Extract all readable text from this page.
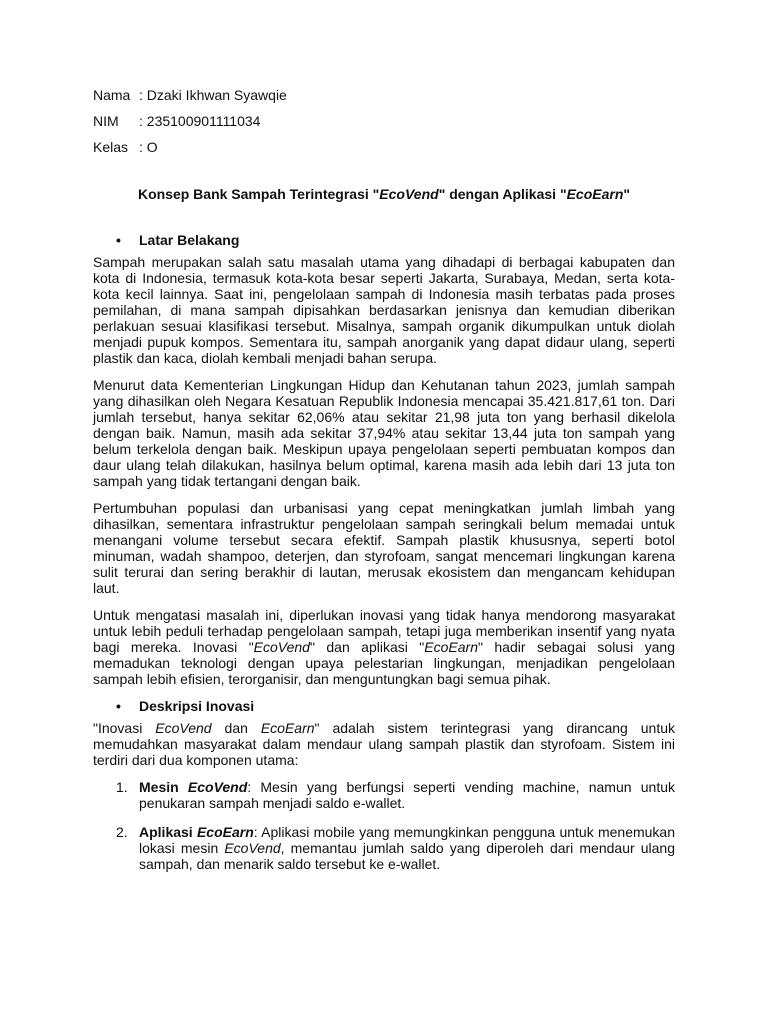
Nama : Dzaki Ikhwan Syawqie
NIM : 235100901111034
Kelas : O
Konsep Bank Sampah Terintegrasi "EcoVend" dengan Aplikasi "EcoEarn"
• Latar Belakang

Sampah merupakan salah satu masalah utama yang dihadapi di berbagai kabupaten dan kota di Indonesia, termasuk kota-kota besar seperti Jakarta, Surabaya, Medan, serta kota-kota kecil lainnya. Saat ini, pengelolaan sampah di Indonesia masih terbatas pada proses pemilahan, di mana sampah dipisahkan berdasarkan jenisnya dan kemudian diberikan perlakuan sesuai klasifikasi tersebut. Misalnya, sampah organik dikumpulkan untuk diolah menjadi pupuk kompos. Sementara itu, sampah anorganik yang dapat didaur ulang, seperti plastik dan kaca, diolah kembali menjadi bahan serupa.

Menurut data Kementerian Lingkungan Hidup dan Kehutanan tahun 2023, jumlah sampah yang dihasilkan oleh Negara Kesatuan Republik Indonesia mencapai 35.421.817,61 ton. Dari jumlah tersebut, hanya sekitar 62,06% atau sekitar 21,98 juta ton yang berhasil dikelola dengan baik. Namun, masih ada sekitar 37,94% atau sekitar 13,44 juta ton sampah yang belum terkelola dengan baik. Meskipun upaya pengelolaan seperti pembuatan kompos dan daur ulang telah dilakukan, hasilnya belum optimal, karena masih ada lebih dari 13 juta ton sampah yang tidak tertangani dengan baik.

Pertumbuhan populasi dan urbanisasi yang cepat meningkatkan jumlah limbah yang dihasilkan, sementara infrastruktur pengelolaan sampah seringkali belum memadai untuk menangani volume tersebut secara efektif. Sampah plastik khususnya, seperti botol minuman, wadah shampoo, deterjen, dan styrofoam, sangat mencemari lingkungan karena sulit terurai dan sering berakhir di lautan, merusak ekosistem dan mengancam kehidupan laut.

Untuk mengatasi masalah ini, diperlukan inovasi yang tidak hanya mendorong masyarakat untuk lebih peduli terhadap pengelolaan sampah, tetapi juga memberikan insentif yang nyata bagi mereka. Inovasi "EcoVend" dan aplikasi "EcoEarn" hadir sebagai solusi yang memadukan teknologi dengan upaya pelestarian lingkungan, menjadikan pengelolaan sampah lebih efisien, terorganisir, dan menguntungkan bagi semua pihak.

• Deskripsi Inovasi

"Inovasi EcoVend dan EcoEarn" adalah sistem terintegrasi yang dirancang untuk memudahkan masyarakat dalam mendaur ulang sampah plastik dan styrofoam. Sistem ini terdiri dari dua komponen utama:

1. Mesin EcoVend: Mesin yang berfungsi seperti vending machine, namun untuk penukaran sampah menjadi saldo e-wallet.
2. Aplikasi EcoEarn: Aplikasi mobile yang memungkinkan pengguna untuk menemukan lokasi mesin EcoVend, memantau jumlah saldo yang diperoleh dari mendaur ulang sampah, dan menarik saldo tersebut ke e-wallet.
